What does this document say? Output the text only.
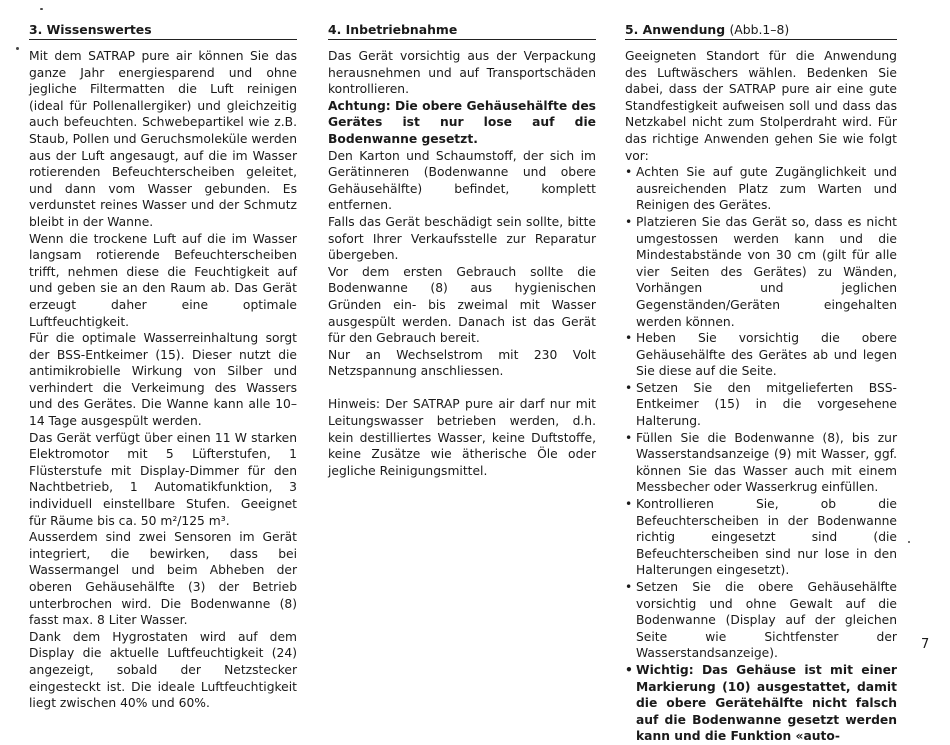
3. Wissenswertes

Mit dem SATRAP pure air können Sie das ganze Jahr energiesparend und ohne jegliche Filtermatten die Luft reinigen (ideal für Pollenallergiker) und gleichzeitig auch befeuchten. Schwebepartikel wie z.B. Staub, Pollen und Geruchsmoleküle werden aus der Luft angesaugt, auf die im Wasser rotierenden Befeuchterscheiben geleitet, und dann vom Wasser gebunden. Es verdunstet reines Wasser und der Schmutz bleibt in der Wanne.

Wenn die trockene Luft auf die im Wasser langsam rotierende Befeuchterscheiben trifft, nehmen diese die Feuchtigkeit auf und geben sie an den Raum ab. Das Gerät erzeugt daher eine optimale Luftfeuchtigkeit.

Für die optimale Wasserreinhaltung sorgt der BSS-Entkeimer (15). Dieser nutzt die antimikrobielle Wirkung von Silber und verhindert die Verkeimung des Wassers und des Gerätes. Die Wanne kann alle 10–14 Tage ausgespült werden.

Das Gerät verfügt über einen 11 W starken Elektromotor mit 5 Lüfterstufen, 1 Flüsterstufe mit Display-Dimmer für den Nachtbetrieb, 1 Automatikfunktion, 3 individuell einstellbare Stufen. Geeignet für Räume bis ca. 50 m²/125 m³.

Ausserdem sind zwei Sensoren im Gerät integriert, die bewirken, dass bei Wassermangel und beim Abheben der oberen Gehäusehälfte (3) der Betrieb unterbrochen wird. Die Bodenwanne (8) fasst max. 8 Liter Wasser.

Dank dem Hygrostaten wird auf dem Display die aktuelle Luftfeuchtigkeit (24) angezeigt, sobald der Netzstecker eingesteckt ist. Die ideale Luftfeuchtigkeit liegt zwischen 40% und 60%.

4. Inbetriebnahme

Das Gerät vorsichtig aus der Verpackung herausnehmen und auf Transportschäden kontrollieren.

Achtung: Die obere Gehäusehälfte des Gerätes ist nur lose auf die Bodenwanne gesetzt.

Den Karton und Schaumstoff, der sich im Gerätinneren (Bodenwanne und obere Gehäusehälfte) befindet, komplett entfernen.

Falls das Gerät beschädigt sein sollte, bitte sofort Ihrer Verkaufsstelle zur Reparatur übergeben.

Vor dem ersten Gebrauch sollte die Bodenwanne (8) aus hygienischen Gründen ein- bis zweimal mit Wasser ausgespült werden. Danach ist das Gerät für den Gebrauch bereit.

Nur an Wechselstrom mit 230 Volt Netzspannung anschliessen.

Hinweis: Der SATRAP pure air darf nur mit Leitungswasser betrieben werden, d.h. kein destilliertes Wasser, keine Duftstoffe, keine Zusätze wie ätherische Öle oder jegliche Reinigungsmittel.

5. Anwendung (Abb.1–8)

Geeigneten Standort für die Anwendung des Luftwäschers wählen. Bedenken Sie dabei, dass der SATRAP pure air eine gute Standfestigkeit aufweisen soll und dass das Netzkabel nicht zum Stolperdraht wird. Für das richtige Anwenden gehen Sie wie folgt vor:

• Achten Sie auf gute Zugänglichkeit und ausreichenden Platz zum Warten und Reinigen des Gerätes.
• Platzieren Sie das Gerät so, dass es nicht umgestossen werden kann und die Mindestabstände von 30 cm (gilt für alle vier Seiten des Gerätes) zu Wänden, Vorhängen und jeglichen Gegenständen/Geräten eingehalten werden können.
• Heben Sie vorsichtig die obere Gehäusehälfte des Gerätes ab und legen Sie diese auf die Seite.
• Setzen Sie den mitgelieferten BSS-Entkeimer (15) in die vorgesehene Halterung.
• Füllen Sie die Bodenwanne (8), bis zur Wasserstandsanzeige (9) mit Wasser, ggf. können Sie das Wasser auch mit einem Messbecher oder Wasserkrug einfüllen.
• Kontrollieren Sie, ob die Befeuchterscheiben in der Bodenwanne richtig eingesetzt sind (die Befeuchterscheiben sind nur lose in den Halterungen eingesetzt).
• Setzen Sie die obere Gehäusehälfte vorsichtig und ohne Gewalt auf die Bodenwanne (Display auf der gleichen Seite wie Sichtfenster der Wasserstandsanzeige).
• Wichtig: Das Gehäuse ist mit einer Markierung (10) ausgestattet, damit die obere Gerätehälfte nicht falsch auf die Bodenwanne gesetzt werden kann und die Funktion «auto-
7
